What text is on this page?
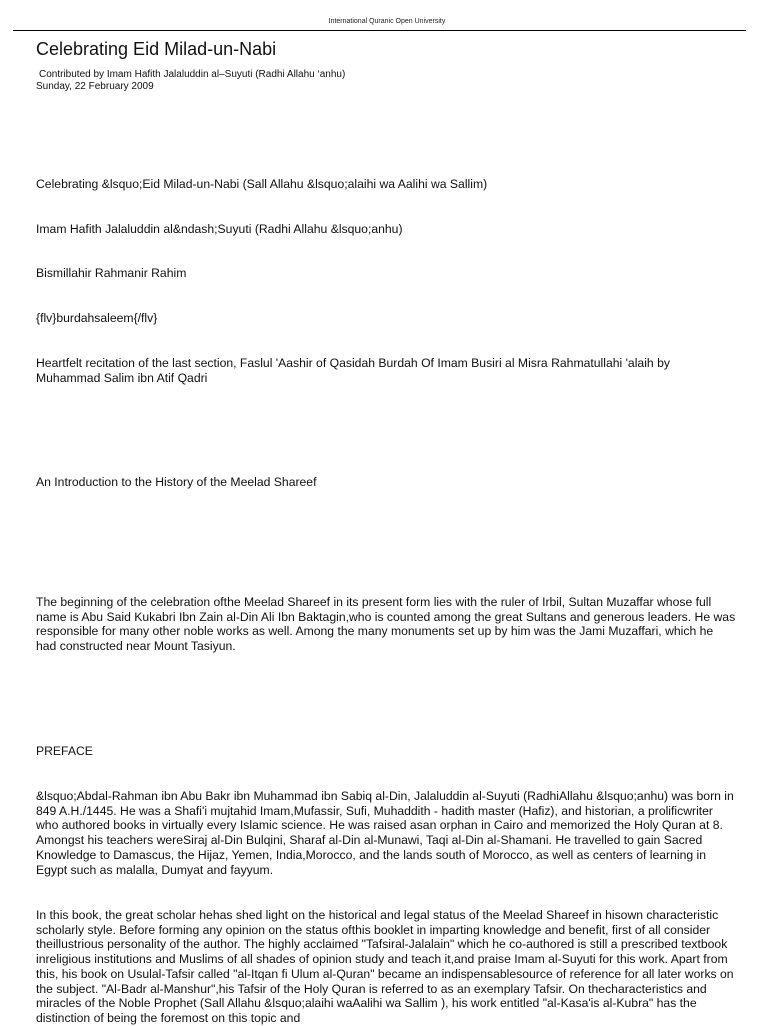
International Quranic Open University
Celebrating Eid Milad-un-Nabi
Contributed by Imam Hafith Jalaluddin al–Suyuti (Radhi Allahu ‘anhu)
Sunday, 22 February 2009

Celebrating &lsquo;Eid Milad-un-Nabi (Sall Allahu &lsquo;alaihi wa Aalihi wa Sallim)

Imam Hafith Jalaluddin al&ndash;Suyuti (Radhi Allahu &lsquo;anhu)

Bismillahir Rahmanir Rahim

{flv}burdahsaleem{/flv}

Heartfelt recitation of the last section, Faslul 'Aashir of Qasidah Burdah Of Imam Busiri al Misra Rahmatullahi 'alaih by Muhammad Salim ibn Atif Qadri

An Introduction to the History of the Meelad Shareef

The beginning of the celebration ofthe Meelad Shareef in its present form lies with the ruler of Irbil, Sultan Muzaffar whose full name is Abu Said Kukabri Ibn Zain al-Din Ali Ibn Baktagin,who is counted among the great Sultans and generous leaders. He was responsible for many other noble works as well. Among the many monuments set up by him was the Jami Muzaffari, which he had constructed near Mount Tasiyun.

PREFACE

&lsquo;Abdal-Rahman ibn Abu Bakr ibn Muhammad ibn Sabiq al-Din, Jalaluddin al-Suyuti (RadhiAllahu &lsquo;anhu) was born in 849 A.H./1445. He was a Shafi'i mujtahid Imam,Mufassir, Sufi, Muhaddith - hadith master (Hafiz), and historian, a prolificwriter who authored books in virtually every Islamic science. He was raised asan orphan in Cairo and memorized the Holy Quran at 8. Amongst his teachers wereSiraj al-Din Bulqini, Sharaf al-Din al-Munawi, Taqi al-Din al-Shamani. He travelled to gain Sacred Knowledge to Damascus, the Hijaz, Yemen, India,Morocco, and the lands south of Morocco, as well as centers of learning in Egypt such as malalla, Dumyat and fayyum.

In this book, the great scholar hehas shed light on the historical and legal status of the Meelad Shareef in hisown characteristic scholarly style. Before forming any opinion on the status ofthis booklet in imparting knowledge and benefit, first of all consider theillustrious personality of the author. The highly acclaimed "Tafsiral-Jalalain" which he co-authored is still a prescribed textbook inreligious institutions and Muslims of all shades of opinion study and teach it,and praise Imam al-Suyuti for this work. Apart from this, his book on Usulal-Tafsir called "al-Itqan fi Ulum al-Quran" became an indispensablesource of reference for all later works on the subject. "Al-Badr al-Manshur",his Tafsir of the Holy Quran is referred to as an exemplary Tafsir. On thecharacteristics and miracles of the Noble Prophet (Sall Allahu &lsquo;alaihi waAalihi wa Sallim ), his work entitled "al-Kasa'is al-Kubra" has the distinction of being the foremost on this topic and
